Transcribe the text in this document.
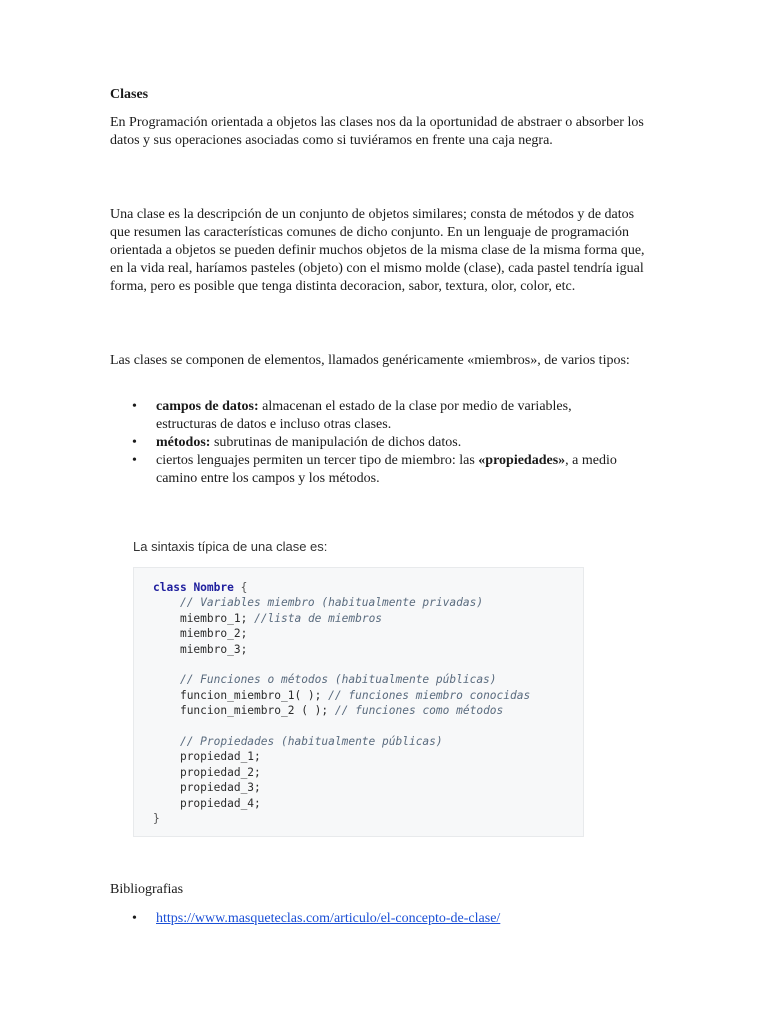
Clases

En Programación orientada a objetos las clases nos da la oportunidad de abstraer o absorber los datos y sus operaciones asociadas como si tuviéramos en frente una caja negra.

Una clase es la descripción de un conjunto de objetos similares; consta de métodos y de datos que resumen las características comunes de dicho conjunto. En un lenguaje de programación orientada a objetos se pueden definir muchos objetos de la misma clase de la misma forma que, en la vida real, haríamos pasteles (objeto) con el mismo molde (clase), cada pastel tendría igual forma, pero es posible que tenga distinta decoracion, sabor, textura, olor, color, etc.

Las clases se componen de elementos, llamados genéricamente «miembros», de varios tipos:

• campos de datos: almacenan el estado de la clase por medio de variables, estructuras de datos e incluso otras clases.
• métodos: subrutinas de manipulación de dichos datos.
• ciertos lenguajes permiten un tercer tipo de miembro: las «propiedades», a medio camino entre los campos y los métodos.

Bibliografias

• https://www.masqueteclas.com/articulo/el-concepto-de-clase/
La sintaxis típica de una clase es:
class Nombre {
// Variables miembro (habitualmente privadas)
miembro_1; //lista de miembros
miembro_2;
miembro_3;

// Funciones o métodos (habitualmente públicas)
funcion_miembro_1( ); // funciones miembro conocidas
funcion_miembro_2 ( ); // funciones como métodos

// Propiedades (habitualmente públicas)
propiedad_1;
propiedad_2;
propiedad_3;
propiedad_4;
}
